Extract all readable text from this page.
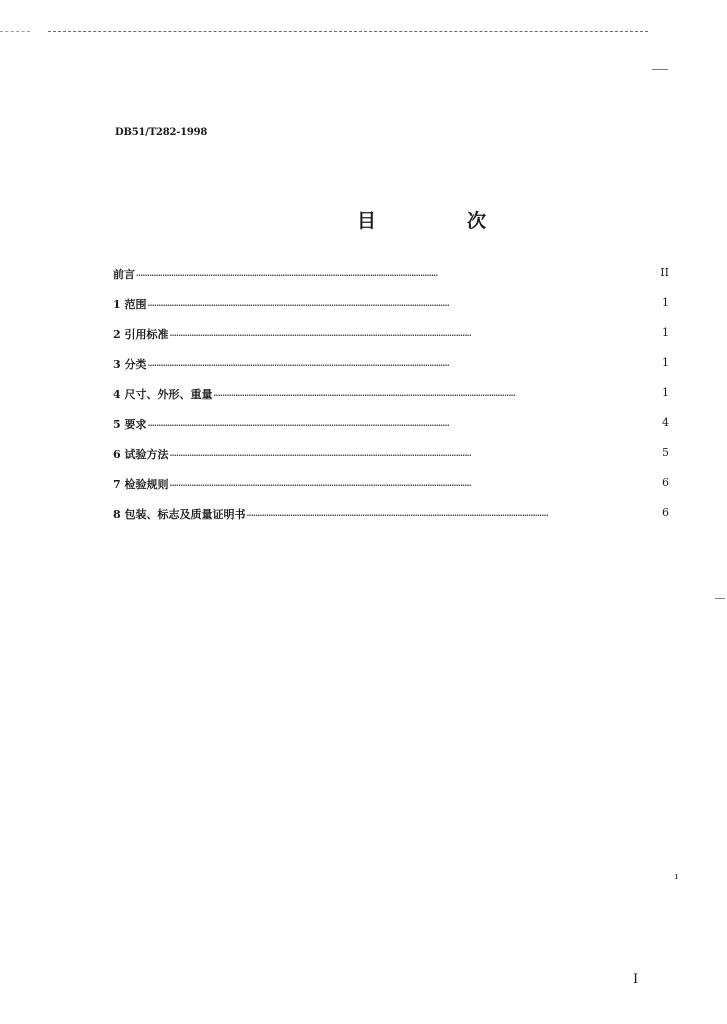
DB51/T282-1998
目　次
前言 ··········································································································································	II
1 范围 ··········································································································································	1
2 引用标准 ··········································································································································	1
3 分类 ··········································································································································	1
4 尺寸、外形、重量 ··········································································································································	1
5 要求 ··········································································································································	4
6 试验方法 ··········································································································································	5
7 检验规则 ··········································································································································	6
8 包装、标志及质量证明书 ··········································································································································	6
ı
I
